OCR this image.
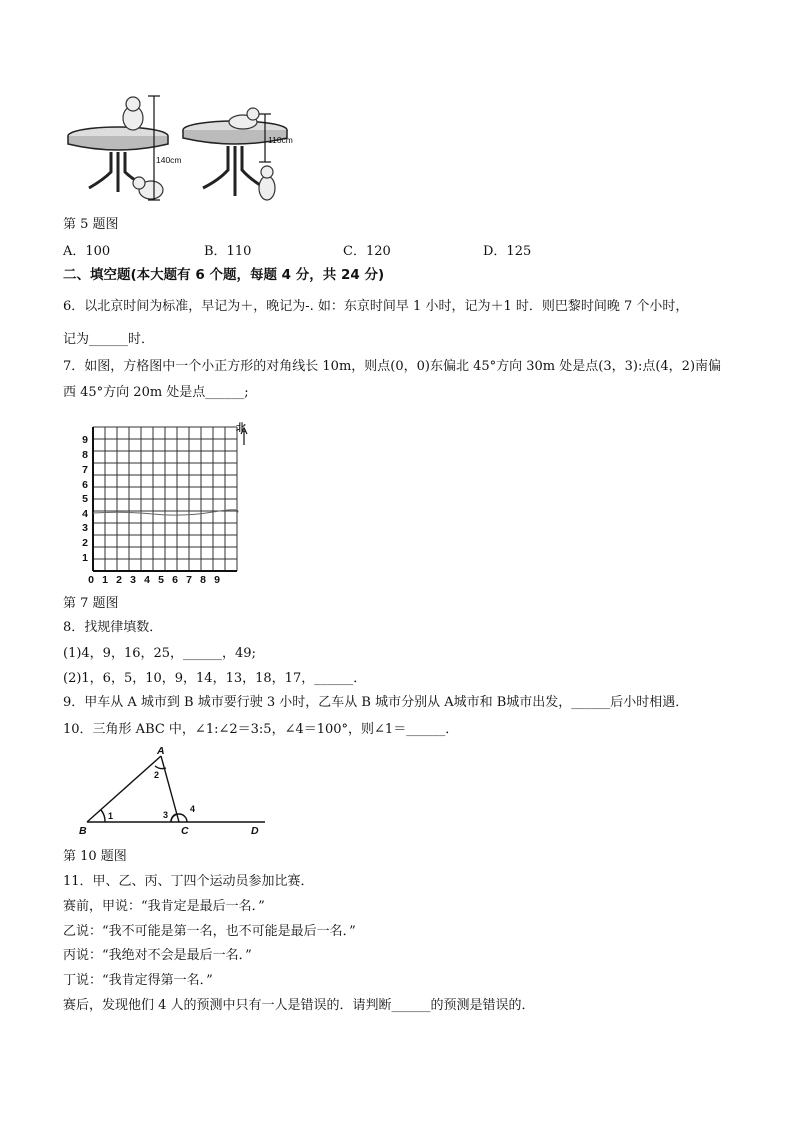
140cm
110cm
第 5 题图
A．100	B．110	C．120	D．125
二、填空题(本大题有 6 个题，每题 4 分，共 24 分)
6．以北京时间为标准，早记为＋，晚记为-. 如：东京时间早 1 小时，记为＋1 时．则巴黎时间晚 7 个小时，
记为______时．
7．如图，方格图中一个小正方形的对角线长 10m，则点(0，0)东偏北 45°方向 30m 处是点(3，3):点(4，2)南偏
西 45°方向 20m 处是点______;
北
9
8
7
6
5
4
3
2
1
0 1 2 3 4 5 6 7 8 9
第 7 题图
8．找规律填数．
(1)4，9，16，25，______，49;
(2)1，6，5，10，9，14，13，18，17，______．
9．甲车从 A 城市到 B 城市要行驶 3 小时，乙车从 B 城市分别从 A城市和 B城市出发，______后小时相遇．
10．三角形 ABC 中，∠1:∠2＝3:5，∠4＝100°，则∠1＝______．
A
B	C	D
1
2
3
4
第 10 题图
11．甲、乙、丙、丁四个运动员参加比赛．
赛前，甲说：“我肯定是最后一名．”
乙说：“我不可能是第一名，也不可能是最后一名．”
丙说：“我绝对不会是最后一名．”
丁说：“我肯定得第一名．”
赛后，发现他们 4 人的预测中只有一人是错误的．请判断______的预测是错误的．
